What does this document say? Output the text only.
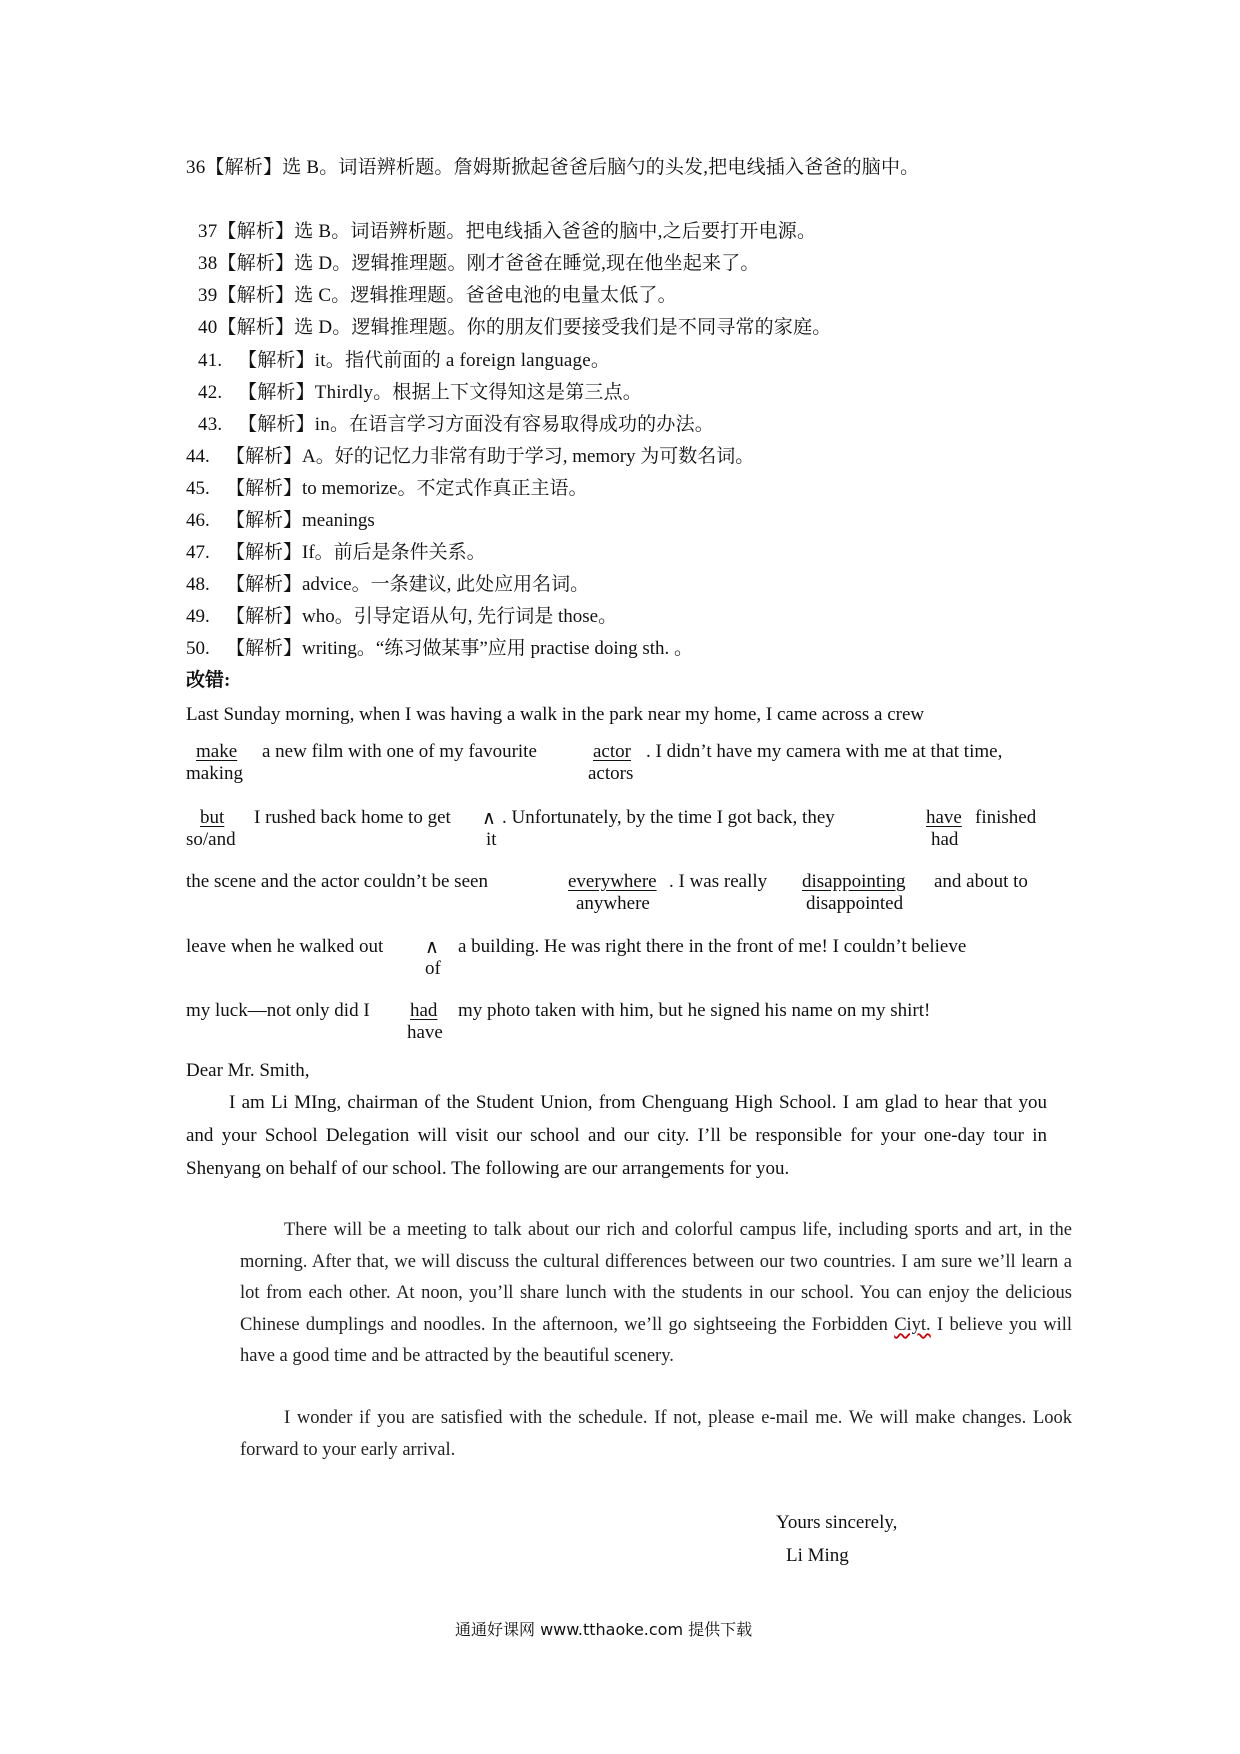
36【解析】选 B。词语辨析题。詹姆斯掀起爸爸后脑勺的头发,把电线插入爸爸的脑中。
37【解析】选 B。词语辨析题。把电线插入爸爸的脑中,之后要打开电源。
38【解析】选 D。逻辑推理题。刚才爸爸在睡觉,现在他坐起来了。
39【解析】选 C。逻辑推理题。爸爸电池的电量太低了。
40【解析】选 D。逻辑推理题。你的朋友们要接受我们是不同寻常的家庭。
41. 【解析】it。指代前面的 a foreign language。
42. 【解析】Thirdly。根据上下文得知这是第三点。
43. 【解析】in。在语言学习方面没有容易取得成功的办法。
44. 【解析】A。好的记忆力非常有助于学习, memory 为可数名词。
45. 【解析】to memorize。不定式作真正主语。
46. 【解析】meanings
47. 【解析】If。前后是条件关系。
48. 【解析】advice。一条建议, 此处应用名词。
49. 【解析】who。引导定语从句, 先行词是 those。
50. 【解析】writing。“练习做某事”应用 practise doing sth. 。
改错:
Last Sunday morning, when I was having a walk in the park near my home, I came across a crew
make
making
a new film with one of my favourite	actor
actors
. I didn’t have my camera with me at that time,
but
so/and
I rushed back home to get ∧
it
. Unfortunately, by the time I got back, they	have
had
finished
the scene and the actor couldn’t be seen	everywhere
anywhere
. I was really disappointing
disappointed
and about to
leave when he walked out ∧
of
a building. He was right there in the front of me! I couldn’t believe
my luck—not only did I had
have
my photo taken with him, but he signed his name on my shirt!
Dear Mr. Smith,
I am Li MIng, chairman of the Student Union, from Chenguang High School. I am glad to hear that you and your School Delegation will visit our school and our city. I’ll be responsible for your one-day tour in Shenyang on behalf of our school. The following are our arrangements for you.
There will be a meeting to talk about our rich and colorful campus life, including sports and art, in the morning. After that, we will discuss the cultural differences between our two countries. I am sure we’ll learn a lot from each other. At noon, you’ll share lunch with the students in our school. You can enjoy the delicious Chinese dumplings and noodles. In the afternoon, we’ll go sightseeing the Forbidden Ciyt. I believe you will have a good time and be attracted by the beautiful scenery.
I wonder if you are satisfied with the schedule. If not, please e-mail me. We will make changes. Look forward to your early arrival.
Yours sincerely,
Li Ming
通通好课网 www.tthaoke.com 提供下载
